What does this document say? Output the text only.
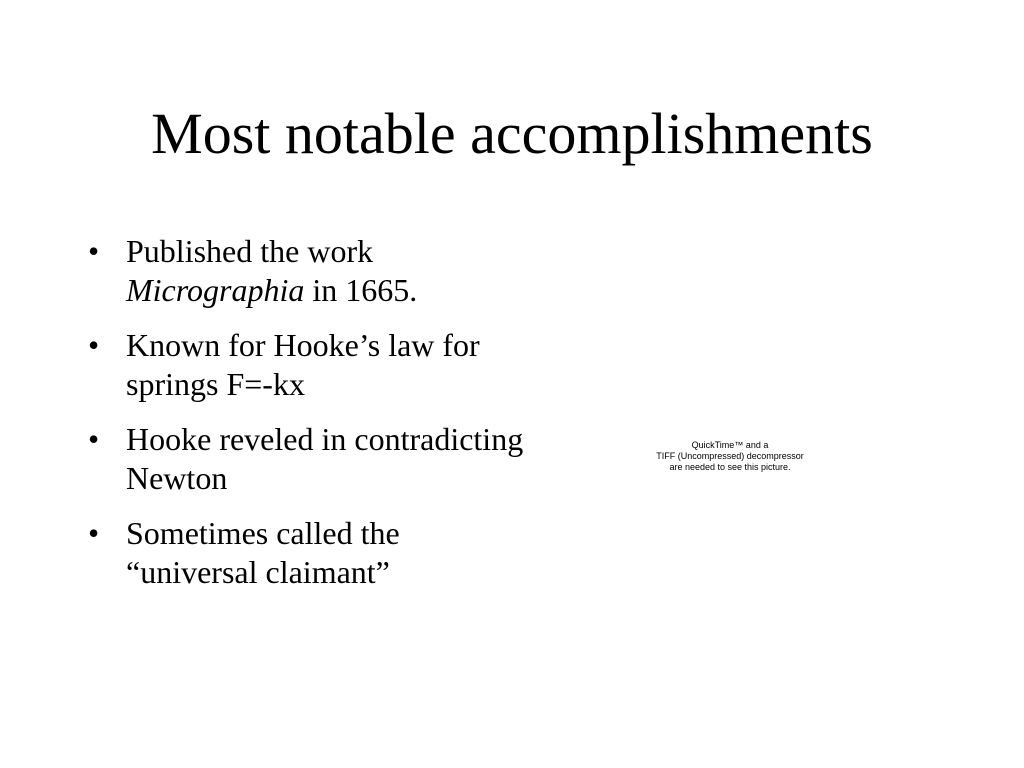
Most notable accomplishments
• Published the work
Micrographia in 1665.
• Known for Hooke’s law for springs F=-kx
• Hooke reveled in contradicting Newton
• Sometimes called the “universal claimant”
QuickTime™ and a
TIFF (Uncompressed) decompressor
are needed to see this picture.
